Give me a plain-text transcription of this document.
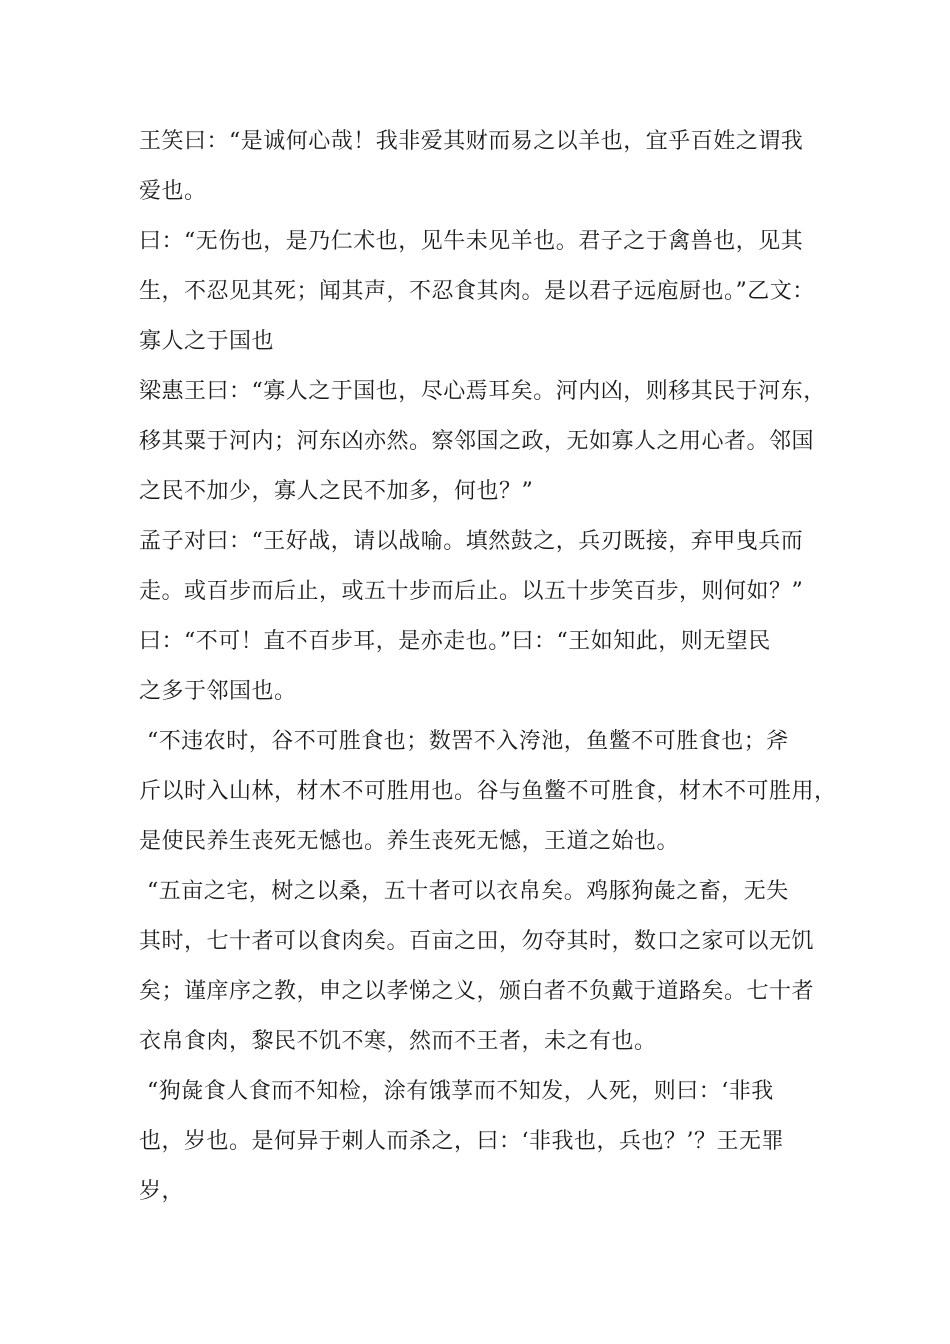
王笑曰：“是诚何心哉！我非爱其财而易之以羊也，宜乎百姓之谓我
爱也。
曰：“无伤也，是乃仁术也，见牛未见羊也。君子之于禽兽也，见其
生，不忍见其死；闻其声，不忍食其肉。是以君子远庖厨也。”乙文：
寡人之于国也
梁惠王曰：“寡人之于国也，尽心焉耳矣。河内凶，则移其民于河东，
移其粟于河内；河东凶亦然。察邻国之政，无如寡人之用心者。邻国
之民不加少，寡人之民不加多，何也？”
孟子对曰：“王好战，请以战喻。填然鼓之，兵刃既接，弃甲曳兵而
走。或百步而后止，或五十步而后止。以五十步笑百步，则何如？”
曰：“不可！直不百步耳，是亦走也。”曰：“王如知此，则无望民
之多于邻国也。
“不违农时，谷不可胜食也；数罟不入洿池，鱼鳖不可胜食也；斧
斤以时入山林，材木不可胜用也。谷与鱼鳖不可胜食，材木不可胜用，
是使民养生丧死无憾也。养生丧死无憾，王道之始也。
“五亩之宅，树之以桑，五十者可以衣帛矣。鸡豚狗彘之畜，无失
其时，七十者可以食肉矣。百亩之田，勿夺其时，数口之家可以无饥
矣；谨庠序之教，申之以孝悌之义，颁白者不负戴于道路矣。七十者
衣帛食肉，黎民不饥不寒，然而不王者，未之有也。
“狗彘食人食而不知检，涂有饿莩而不知发，人死，则曰：‘非我
也，岁也。是何异于刺人而杀之，曰：‘非我也，兵也？’？王无罪
岁，
